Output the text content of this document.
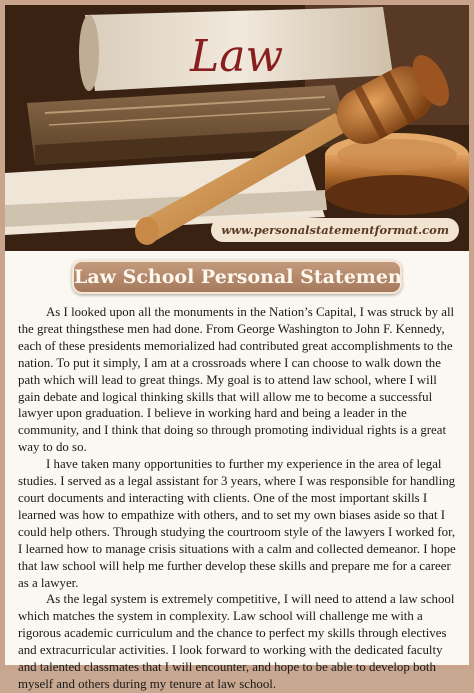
Law
www.personalstatementformat.com
Law School Personal Statement

As I looked upon all the monuments in the Nation’s Capital, I was struck by all the great thingsthese men had done. From George Washington to John F. Kennedy, each of these presidents memorialized had contributed great accomplishments to the nation. To put it simply, I am at a crossroads where I can choose to walk down the path which will lead to great things. My goal is to attend law school, where I will gain debate and logical thinking skills that will allow me to become a successful lawyer upon graduation. I believe in working hard and being a leader in the community, and I think that doing so through promoting individual rights is a great way to do so.

I have taken many opportunities to further my experience in the area of legal studies. I served as a legal assistant for 3 years, where I was responsible for handling court documents and interacting with clients. One of the most important skills I learned was how to empathize with others, and to set my own biases aside so that I could help others. Through studying the courtroom style of the lawyers I worked for, I learned how to manage crisis situations with a calm and collected demeanor. I hope that law school will help me further develop these skills and prepare me for a career as a lawyer.

As the legal system is extremely competitive, I will need to attend a law school which matches the system in complexity. Law school will challenge me with a rigorous academic curriculum and the chance to perfect my skills through electives and extracurricular activities. I look forward to working with the dedicated faculty and talented classmates that I will encounter, and hope to be able to develop both myself and others during my tenure at law school.
